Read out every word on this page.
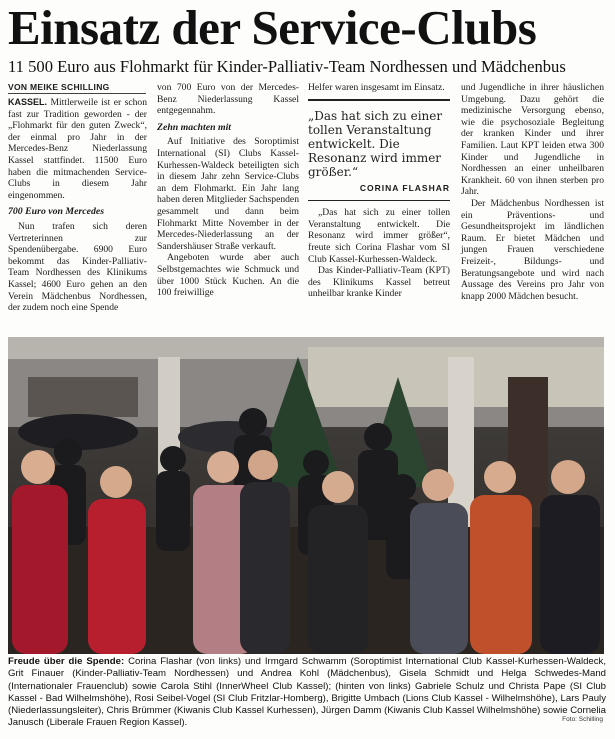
Einsatz der Service-Clubs
11 500 Euro aus Flohmarkt für Kinder-Palliativ-Team Nordhessen und Mädchenbus
VON MEIKE SCHILLING

KASSEL. Mittlerweile ist er schon fast zur Tradition geworden - der „Flohmarkt für den guten Zweck“, der einmal pro Jahr in der Mercedes-Benz Niederlassung Kassel stattfindet. 11500 Euro haben die mitmachenden Service-Clubs in diesem Jahr eingenommen.

700 Euro von Mercedes

Nun trafen sich deren Vertreterinnen zur Spendenübergabe. 6900 Euro bekommt das Kinder-Palliativ-Team Nordhessen des Klinikums Kassel; 4600 Euro gehen an den Verein Mädchenbus Nordhessen, der zudem noch eine Spende

von 700 Euro von der Mercedes-Benz Niederlassung Kassel entgegennahm.

Zehn machten mit

Auf Initiative des Soroptimist International (SI) Clubs Kassel-Kurhessen-Waldeck beteiligten sich in diesem Jahr zehn Service-Clubs an dem Flohmarkt. Ein Jahr lang haben deren Mitglieder Sachspenden gesammelt und dann beim Flohmarkt Mitte November in der Mercedes-Niederlassung an der Sandershäuser Straße verkauft.

Angeboten wurde aber auch Selbstgemachtes wie Schmuck und über 1000 Stück Kuchen. An die 100 freiwillige

Helfer waren insgesamt im Einsatz.

„Das hat sich zu einer tollen Veranstaltung entwickelt. Die Resonanz wird immer größer.“
CORINA FLASHAR

„Das hat sich zu einer tollen Veranstaltung entwickelt. Die Resonanz wird immer größer“, freute sich Corina Flashar vom SI Club Kassel-Kurhessen-Waldeck.

Das Kinder-Palliativ-Team (KPT) des Klinikums Kassel betreut unheilbar kranke Kinder

und Jugendliche in ihrer häuslichen Umgebung. Dazu gehört die medizinische Versorgung ebenso, wie die psychosoziale Begleitung der kranken Kinder und ihrer Familien. Laut KPT leiden etwa 300 Kinder und Jugendliche in Nordhessen an einer unheilbaren Krankheit. 60 von ihnen sterben pro Jahr.

Der Mädchenbus Nordhessen ist ein Präventions- und Gesundheitsprojekt im ländlichen Raum. Er bietet Mädchen und jungen Frauen verschiedene Freizeit-, Bildungs- und Beratungsangebote und wird nach Aussage des Vereins pro Jahr von knapp 2000 Mädchen besucht.

Freude über die Spende: Corina Flashar (von links) und Irmgard Schwamm (Soroptimist International Club Kassel-Kurhessen-Waldeck, Grit Finauer (Kinder-Palliativ-Team Nordhessen) und Andrea Kohl (Mädchenbus), Gisela Schmidt und Helga Schwedes-Mand (Internationaler Frauenclub) sowie Carola Stihl (InnerWheel Club Kassel); (hinten von links) Gabriele Schulz und Christa Pape (SI Club Kassel - Bad Wilhelmshöhe), Rosi Seibel-Vogel (SI Club Fritzlar-Homberg), Brigitte Umbach (Lions Club Kassel - Wilhelmshöhe), Lars Pauly (Niederlassungsleiter), Chris Brümmer (Kiwanis Club Kassel Kurhessen), Jürgen Damm (Kiwanis Club Kassel Wilhelmshöhe) sowie Cornelia Janusch (Liberale Frauen Region Kassel).	Foto: Schilling
